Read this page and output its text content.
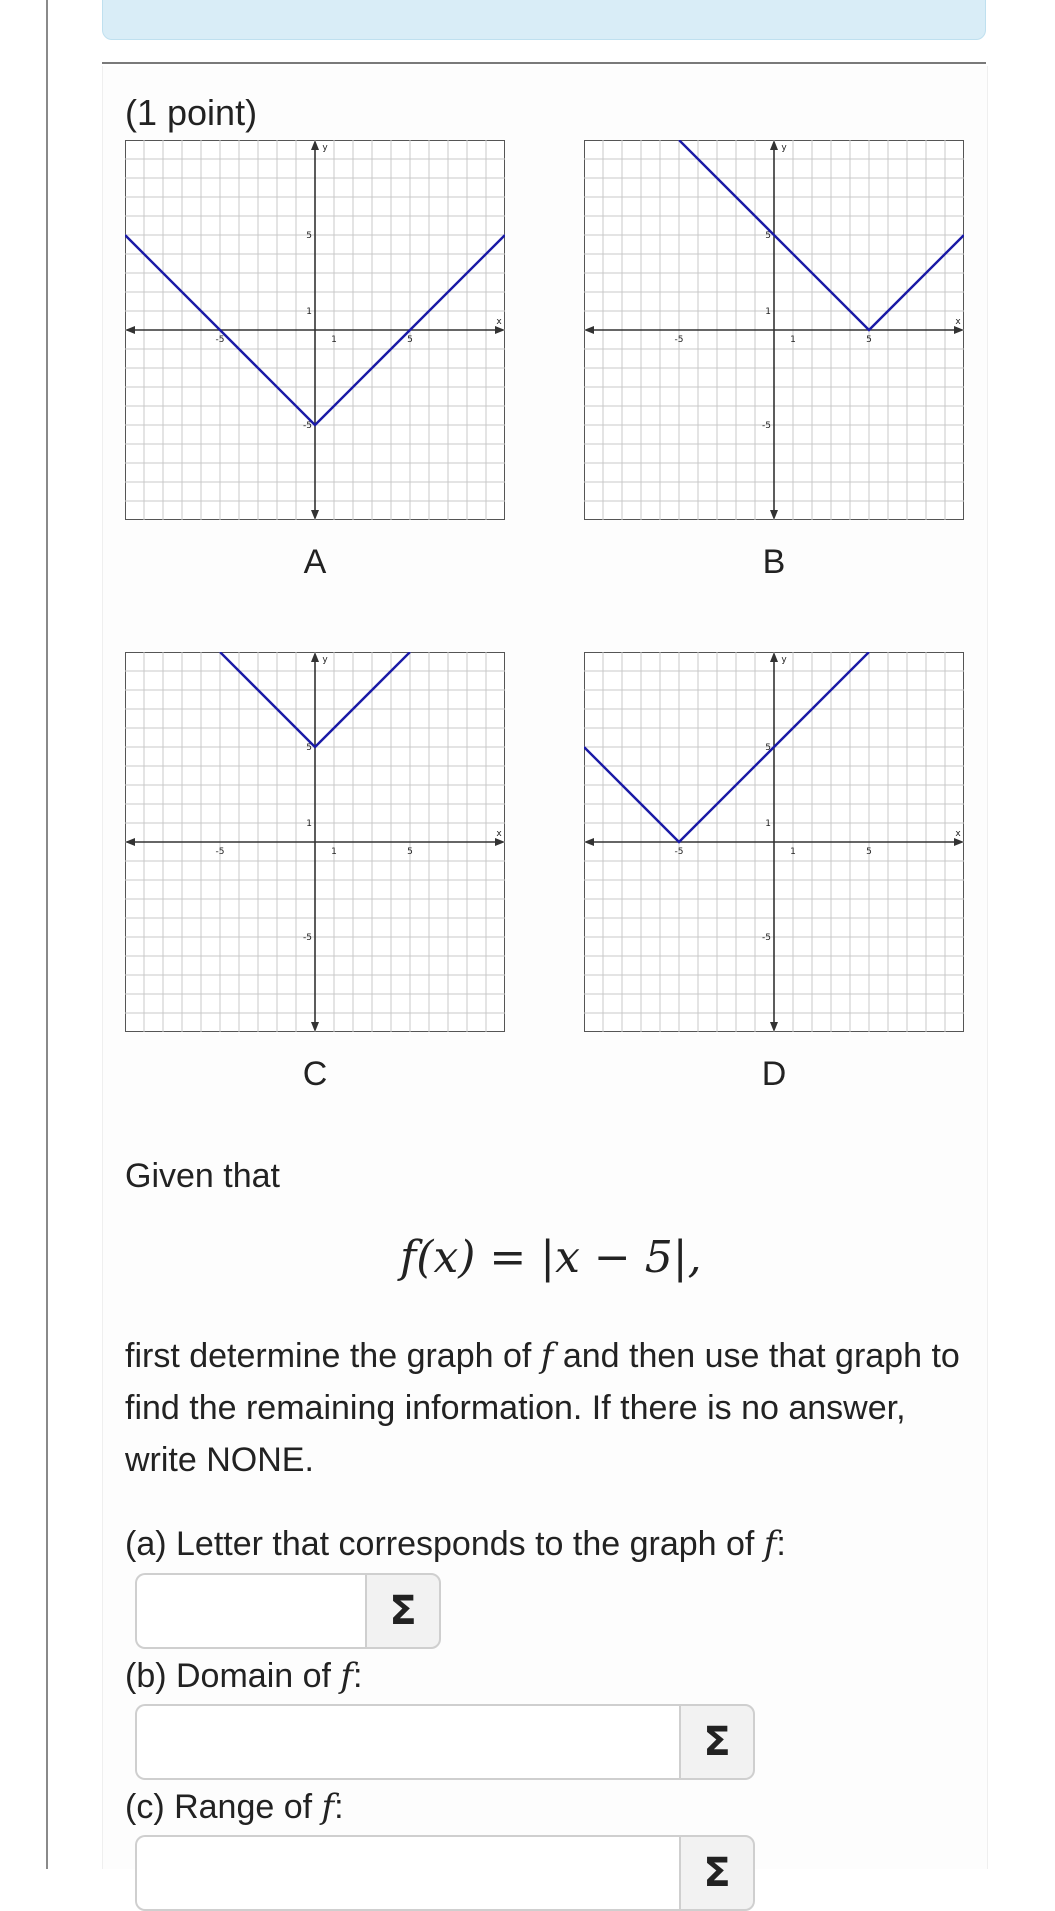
(1 point)
-5	1	5
x
5
1
-5
y
A
-5	1	5
x
5
1
-5
y
B
-5	1	5
x
5
1
-5
y
C
-5	1	5
x
5
1
-5
y
D
Given that
f(x) = |x − 5|,
first determine the graph of f and then use that graph to find the remaining information. If there is no answer, write NONE.
(a) Letter that corresponds to the graph of f:
Σ
(b) Domain of f:
Σ
(c) Range of f:
Σ
